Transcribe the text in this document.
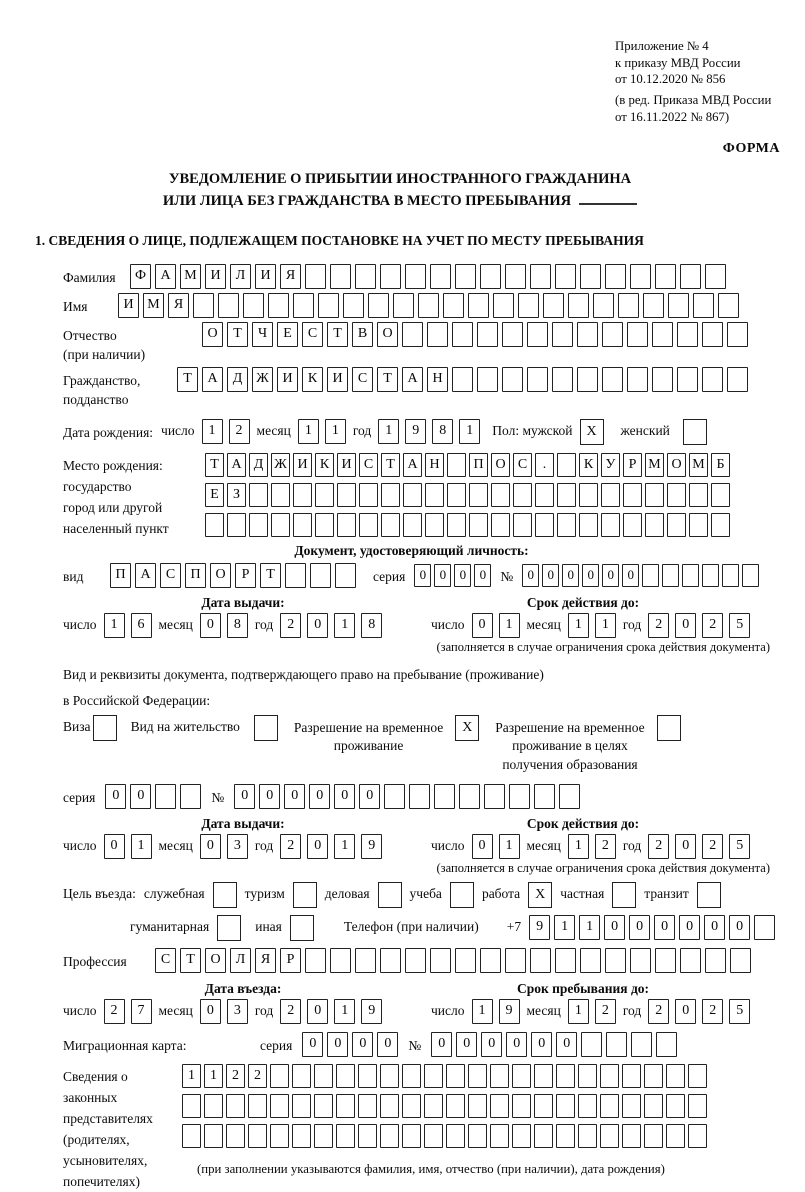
Приложение № 4
к приказу МВД России
от 10.12.2020 № 856
(в ред. Приказа МВД России
от 16.11.2022 № 867)
ФОРМА
УВЕДОМЛЕНИЕ О ПРИБЫТИИ ИНОСТРАННОГО ГРАЖДАНИНА
ИЛИ ЛИЦА БЕЗ ГРАЖДАНСТВА В МЕСТО ПРЕБЫВАНИЯ
1. СВЕДЕНИЯ О ЛИЦЕ, ПОДЛЕЖАЩЕМ ПОСТАНОВКЕ НА УЧЕТ ПО МЕСТУ ПРЕБЫВАНИЯ
Фамилия	Ф	А М И	Л	И	Я
Имя	И М	Я
Отчество
(при наличии)
О	Т	Ч	Е	С	Т	В	О
Гражданство,
подданство
Т	А	Д Ж И	К	И	С	Т	А	Н
Дата рождения: число	1	2	месяц	1	1	год	1	9	8	1	Пол: мужской X	женский
Место рождения:
государство
город или другой
населенный пункт
Т А Д Ж И К И С Т А Н	П О С	.	К У Р М О М Б
Е	З
Документ, удостоверяющий личность:
вид	П	А	С	П	О	Р	Т	серия	0	0	0	0	№	0	0	0	0	0	0
Дата выдачи:	Срок действия до:
число	1	6	месяц	0	8	год	2	0	1	8	число	0	1	месяц	1	1	год	2	0	2	5
(заполняется в случае ограничения срока действия документа)
Вид и реквизиты документа, подтверждающего право на пребывание (проживание)
в Российской Федерации:
Виза	Вид на жительство	Разрешение на временное
проживание
X	Разрешение на временное
проживание в целях
получения образования
серия	0	0	№	0	0	0	0	0	0
Дата выдачи:	Срок действия до:
число	0	1	месяц	0	3	год	2	0	1	9	число	0	1	месяц	1	2	год	2	0	2	5
(заполняется в случае ограничения срока действия документа)
Цель въезда: служебная	туризм	деловая	учеба	работа	X	частная	транзит
гуманитарная	иная	Телефон (при наличии) +7	9	1	1	0	0	0	0	0	0
Профессия	С	Т	О	Л	Я	Р
Дата въезда:	Срок пребывания до:
число	2	7	месяц	0	3	год	2	0	1	9	число	1	9	месяц	1	2	год	2	0	2	5
Миграционная карта:	серия	0	0	0	0	№	0	0	0	0	0	0
Сведения о
законных
представителях
(родителях,
усыновителях,
попечителях)
1	1	2	2
(при заполнении указываются фамилия, имя, отчество (при наличии), дата рождения)
